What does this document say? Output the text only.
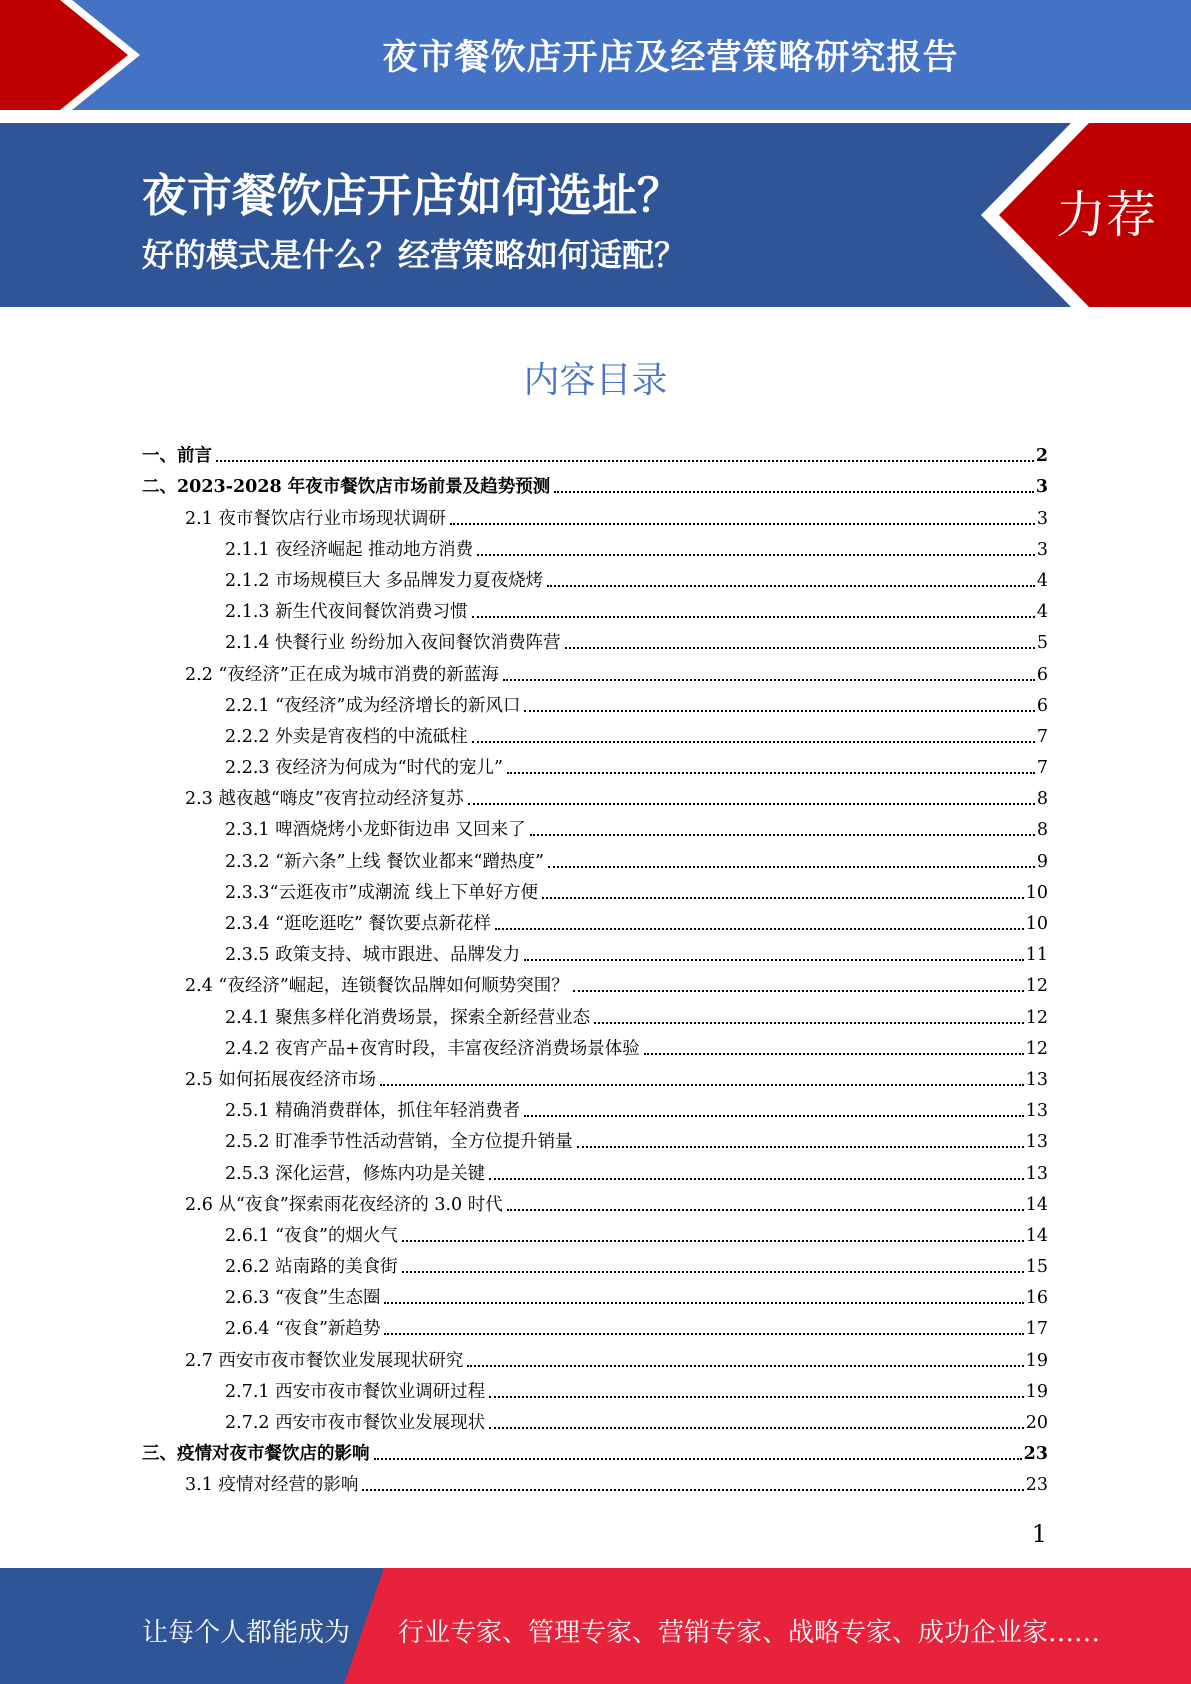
夜市餐饮店开店及经营策略研究报告
夜市餐饮店开店如何选址？
好的模式是什么？经营策略如何适配？
力荐
内容目录
一、前言	2
二、2023-2028 年夜市餐饮店市场前景及趋势预测	3
2.1 夜市餐饮店行业市场现状调研	3
2.1.1 夜经济崛起 推动地方消费	3
2.1.2 市场规模巨大 多品牌发力夏夜烧烤	4
2.1.3 新生代夜间餐饮消费习惯	4
2.1.4 快餐行业 纷纷加入夜间餐饮消费阵营	5
2.2 “夜经济”正在成为城市消费的新蓝海	6
2.2.1 “夜经济”成为经济增长的新风口	6
2.2.2 外卖是宵夜档的中流砥柱	7
2.2.3 夜经济为何成为“时代的宠儿”	7
2.3 越夜越“嗨皮”夜宵拉动经济复苏	8
2.3.1 啤酒烧烤小龙虾街边串 又回来了	8
2.3.2 “新六条”上线 餐饮业都来“蹭热度”	9
2.3.3“云逛夜市”成潮流 线上下单好方便	10
2.3.4 “逛吃逛吃” 餐饮要点新花样	10
2.3.5 政策支持、城市跟进、品牌发力	11
2.4 “夜经济”崛起，连锁餐饮品牌如何顺势突围？	12
2.4.1 聚焦多样化消费场景，探索全新经营业态	12
2.4.2 夜宵产品+夜宵时段，丰富夜经济消费场景体验	12
2.5 如何拓展夜经济市场	13
2.5.1 精确消费群体，抓住年轻消费者	13
2.5.2 盯准季节性活动营销，全方位提升销量	13
2.5.3 深化运营，修炼内功是关键	13
2.6 从“夜食”探索雨花夜经济的 3.0 时代	14
2.6.1 “夜食”的烟火气	14
2.6.2 站南路的美食街	15
2.6.3 “夜食”生态圈	16
2.6.4 “夜食”新趋势	17
2.7 西安市夜市餐饮业发展现状研究	19
2.7.1 西安市夜市餐饮业调研过程	19
2.7.2 西安市夜市餐饮业发展现状	20
三、疫情对夜市餐饮店的影响	23
3.1 疫情对经营的影响	23
1
让每个人都能成为 行业专家、管理专家、营销专家、战略专家、成功企业家……
